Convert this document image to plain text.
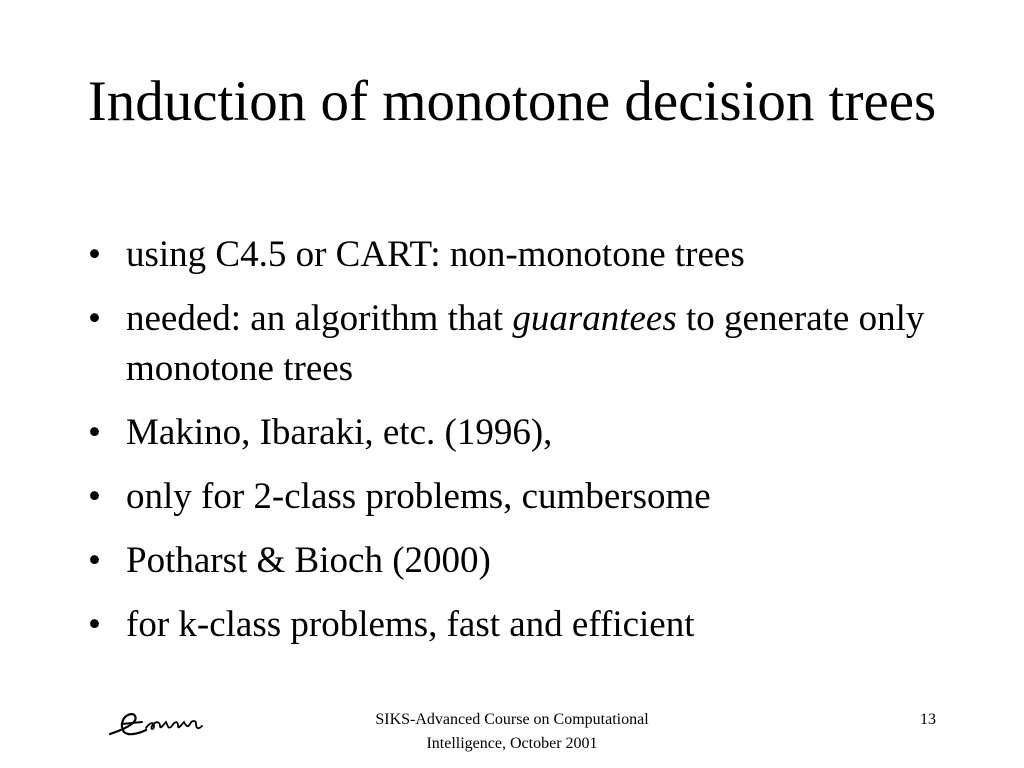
Induction of monotone decision trees
• using C4.5 or CART: non-monotone trees
• needed: an algorithm that guarantees to generate only monotone trees
• Makino, Ibaraki, etc. (1996),
• only for 2-class problems, cumbersome
• Potharst & Bioch (2000)
• for k-class problems, fast and efficient
SIKS-Advanced Course on Computational Intelligence, October 2001
13
